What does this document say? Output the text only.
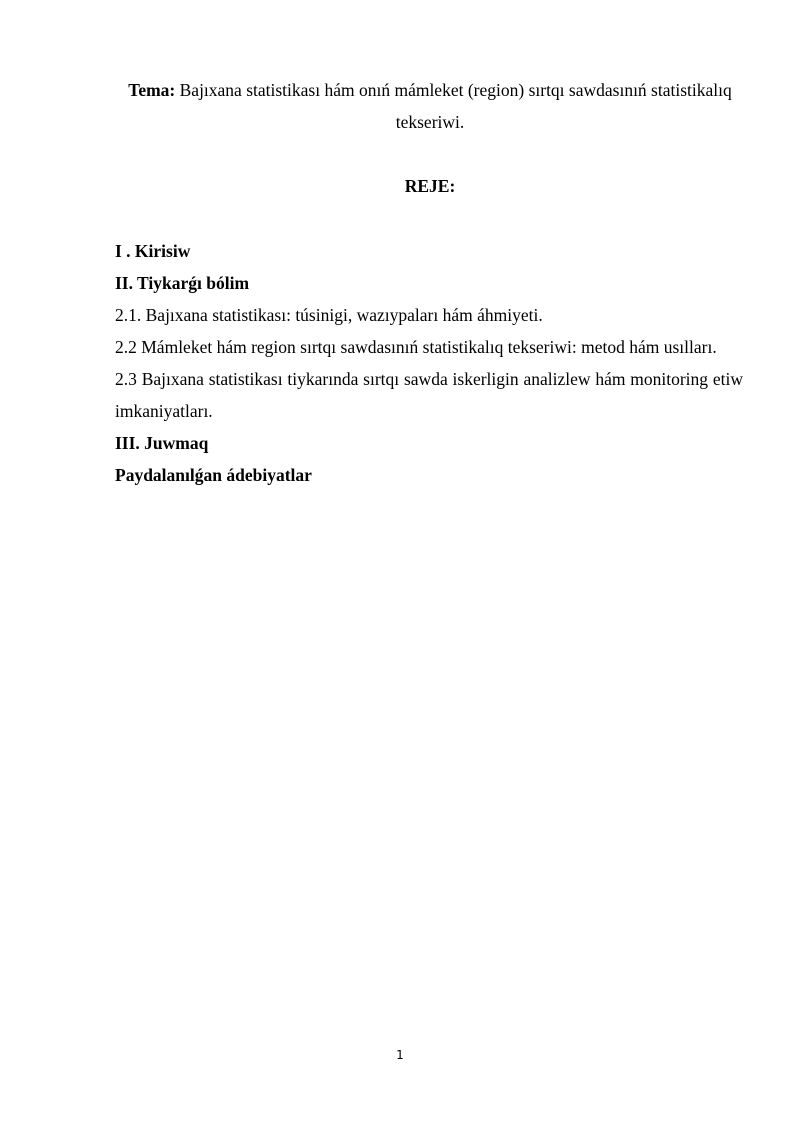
Tema: Bajıxana statistikası hám onıń mámleket (region) sırtqı sawdasınıń statistikalıq tekseriwi.
REJE:

I . Kirisiw

II. Tiykarǵı bólim

2.1. Bajıxana statistikası: túsinigi, wazıypaları hám áhmiyeti.

2.2 Mámleket hám region sırtqı sawdasınıń statistikalıq tekseriwi: metod hám usılları.

2.3 Bajıxana statistikası tiykarında sırtqı sawda iskerligin analizlew hám monitoring etiw imkaniyatları.

III. Juwmaq

Paydalanılǵan ádebiyatlar

1
